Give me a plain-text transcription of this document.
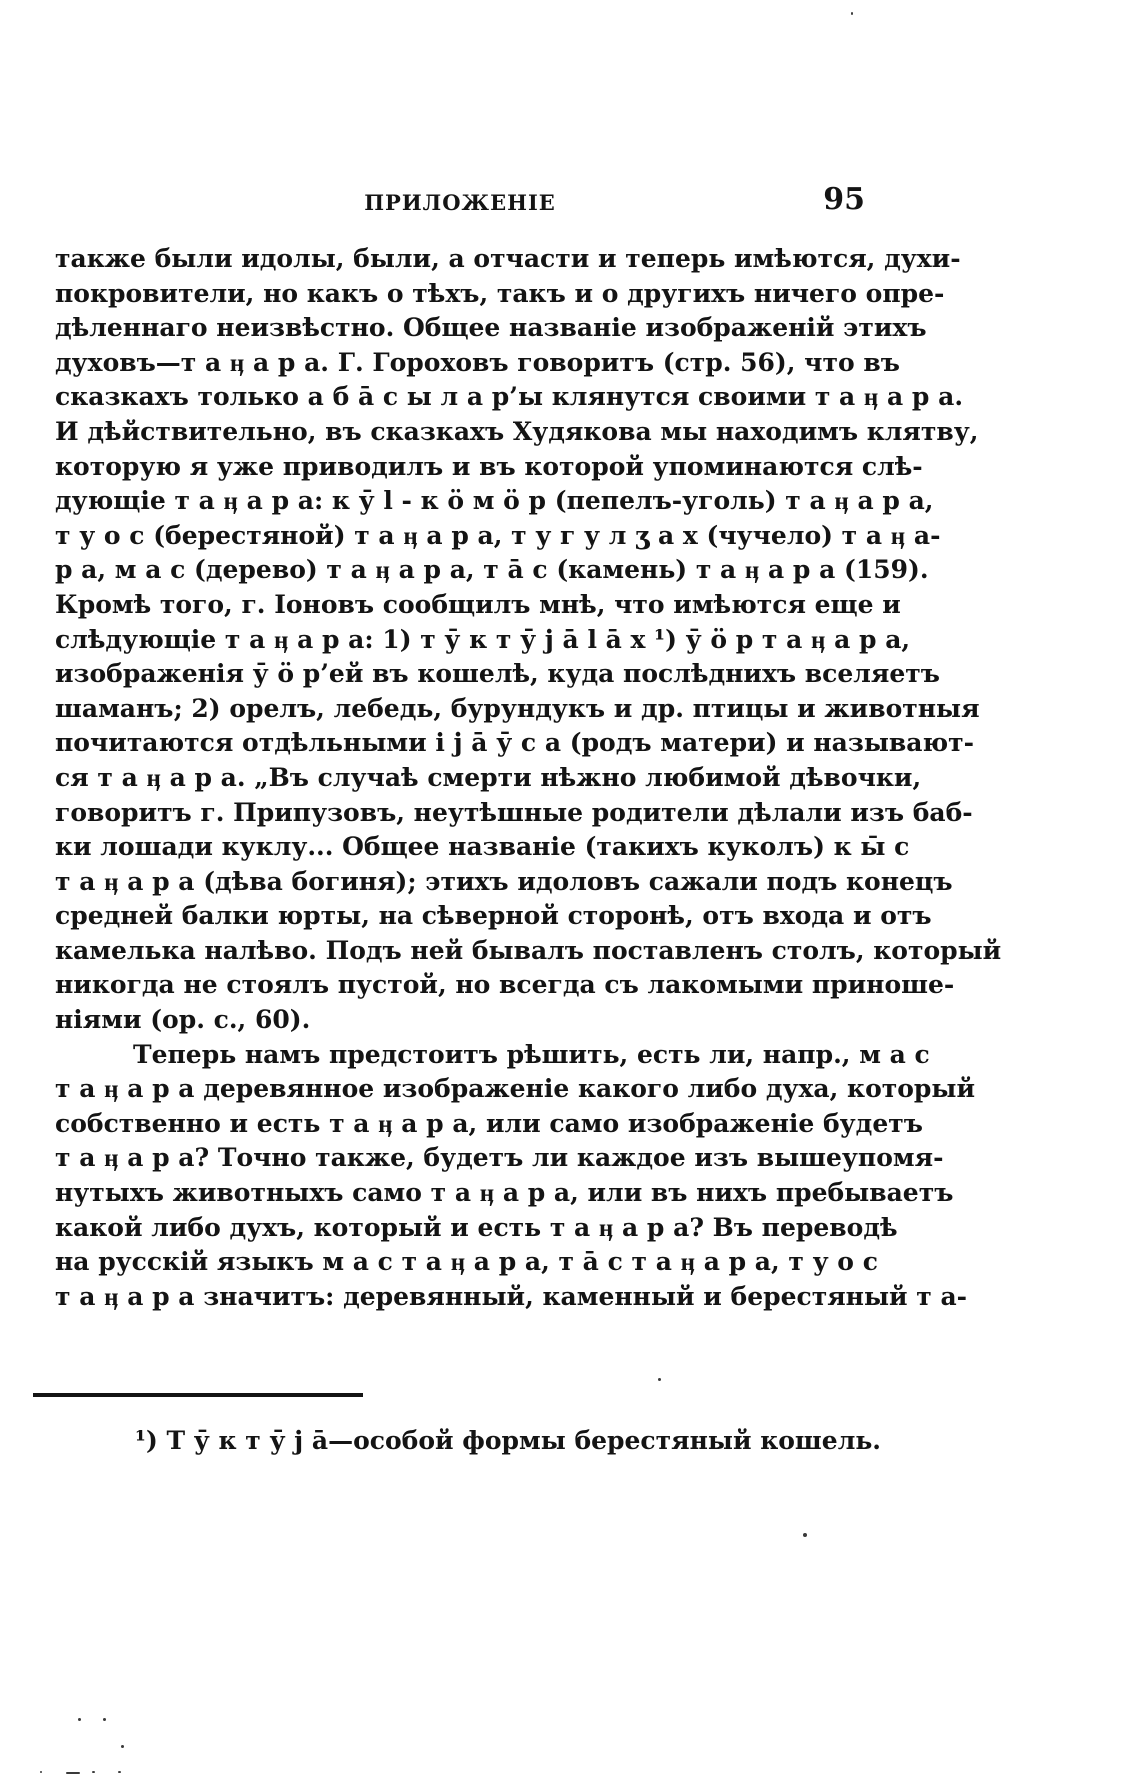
ПРИЛОЖЕНIЕ	95
также были идолы, были, а отчасти и теперь имѣются, духи-
покровители, но какъ о тѣхъ, такъ и о другихъ ничего опре-
дѣленнаго неизвѣстно. Общее названiе изображенiй этихъ
духовъ—т а ӊ а р а. Г. Гороховъ говоритъ (стр. 56), что въ
сказкахъ только а б ā с ы л а р’ы клянутся своими т а ӊ а р а.
И дѣйствительно, въ сказкахъ Худякова мы находимъ клятву,
которую я уже приводилъ и въ которой упоминаются слѣ-
дующiе т а ӊ а р а: к ӯ l - к ӧ м ӧ р (пепелъ-уголь) т а ӊ а р а,
т у о с (берестяной) т а ӊ а р а, т у г у л ӡ а х (чучело) т а ӊ а-
р а, м а с (дерево) т а ӊ а р а, т ā с (камень) т а ӊ а р а (159).
Кромѣ того, г. Iоновъ сообщилъ мнѣ, что имѣются еще и
слѣдующiе т а ӊ а р а: 1) т ӯ к т ӯ ј ā l ā х ¹) ӯ ӧ р т а ӊ а р а,
изображенiя ӯ ӧ р’ей въ кошелѣ, куда послѣднихъ вселяетъ
шаманъ; 2) орелъ, лебедь, бурундукъ и др. птицы и животныя
почитаются отдѣльными i ј ā ӯ с а (родъ матери) и называют-
ся т а ӊ а р а. „Въ случаѣ смерти нѣжно любимой дѣвочки,
говоритъ г. Припузовъ, неутѣшные родители дѣлали изъ баб-
ки лошади куклу... Общее названiе (такихъ куколъ) к ы̄ с
т а ӊ а р а (дѣва богиня); этихъ идоловъ сажали подъ конецъ
средней балки юрты, на сѣверной сторонѣ, отъ входа и отъ
камелька налѣво. Подъ ней бывалъ поставленъ столъ, который
никогда не стоялъ пустой, но всегда съ лакомыми приноше-
нiями (ор. с., 60).
Теперь намъ предстоитъ рѣшить, есть ли, напр., м а с
т а ӊ а р а деревянное изображенiе какого либо духа, который
собственно и есть т а ӊ а р а, или само изображенiе будетъ
т а ӊ а р а? Точно также, будетъ ли каждое изъ вышеупомя-
нутыхъ животныхъ само т а ӊ а р а, или въ нихъ пребываетъ
какой либо духъ, который и есть т а ӊ а р а? Въ переводѣ
на русскiй языкъ м а с т а ӊ а р а, т ā с т а ӊ а р а, т у о с
т а ӊ а р а значитъ: деревянный, каменный и берестяный т а-
¹) Т ӯ к т ӯ ј ā—особой формы берестяный кошель.
